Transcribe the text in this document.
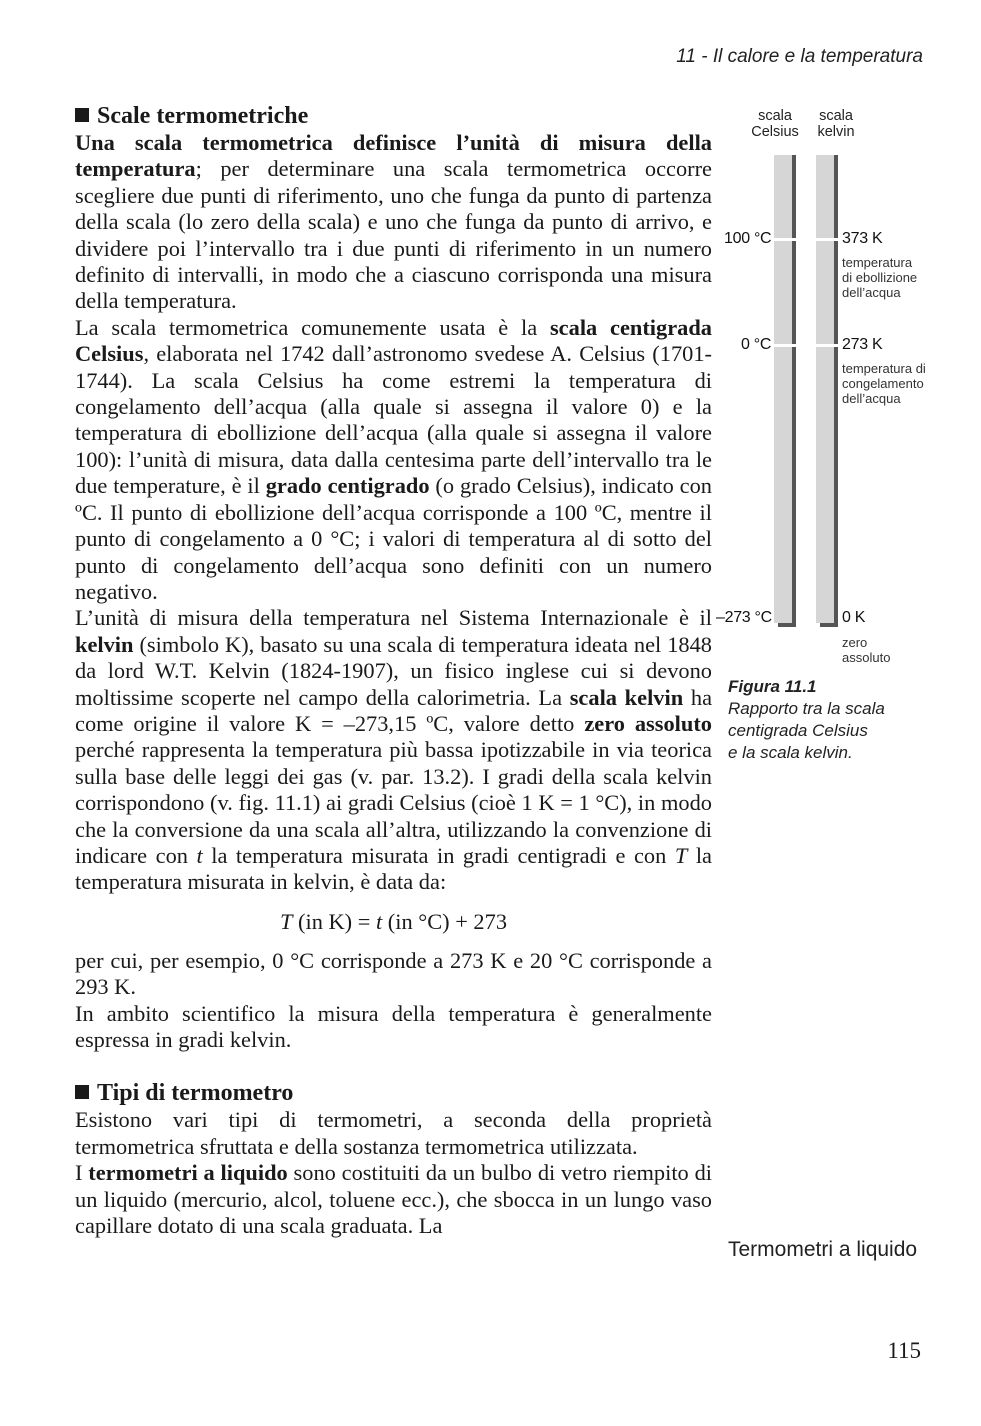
11 - Il calore e la temperatura
Scale termometriche

Una scala termometrica definisce l’unità di misura della temperatura; per determinare una scala termometrica occorre scegliere due punti di riferimento, uno che funga da punto di partenza della scala (lo zero della scala) e uno che funga da punto di arrivo, e dividere poi l’intervallo tra i due punti di riferimento in un numero definito di intervalli, in modo che a ciascuno corrisponda una misura della temperatura.

La scala termometrica comunemente usata è la scala centigrada Celsius, elaborata nel 1742 dall’astronomo svedese A. Celsius (1701-1744). La scala Celsius ha come estremi la temperatura di congelamento dell’acqua (alla quale si assegna il valore 0) e la temperatura di ebollizione dell’acqua (alla quale si assegna il valore 100): l’unità di misura, data dalla centesima parte dell’intervallo tra le due temperature, è il grado centigrado (o grado Celsius), indicato con ºC. Il punto di ebollizione dell’acqua corrisponde a 100 ºC, mentre il punto di congelamento a 0 °C; i valori di temperatura al di sotto del punto di congelamento dell’acqua sono definiti con un numero negativo.

L’unità di misura della temperatura nel Sistema Internazionale è il kelvin (simbolo K), basato su una scala di temperatura ideata nel 1848 da lord W.T. Kelvin (1824-1907), un fisico inglese cui si devono moltissime scoperte nel campo della calorimetria. La scala kelvin ha come origine il valore K = –273,15 ºC, valore detto zero assoluto perché rappresenta la temperatura più bassa ipotizzabile in via teorica sulla base delle leggi dei gas (v. par. 13.2). I gradi della scala kelvin corrispondono (v. fig. 11.1) ai gradi Celsius (cioè 1 K = 1 °C), in modo che la conversione da una scala all’altra, utilizzando la convenzione di indicare con t la temperatura misurata in gradi centigradi e con T la temperatura misurata in kelvin, è data da:

T (in K) = t (in °C) + 273

per cui, per esempio, 0 °C corrisponde a 273 K e 20 °C corrisponde a 293 K.

In ambito scientifico la misura della temperatura è generalmente espressa in gradi kelvin.

Tipi di termometro

Esistono vari tipi di termometri, a seconda della proprietà termometrica sfruttata e della sostanza termometrica utilizzata.

I termometri a liquido sono costituiti da un bulbo di vetro riempito di un liquido (mercurio, alcol, toluene ecc.), che sbocca in un lungo vaso capillare dotato di una scala graduata. La

scala
Celsius
scala
kelvin
100 °C
0 °C
–273 °C
373 K
273 K
0 K
temperatura
di ebollizione
dell’acqua
temperatura di
congelamento
dell’acqua
zero
assoluto
Figura 11.1
Rapporto tra la scala
centigrada Celsius
e la scala kelvin.
Termometri a liquido
115
